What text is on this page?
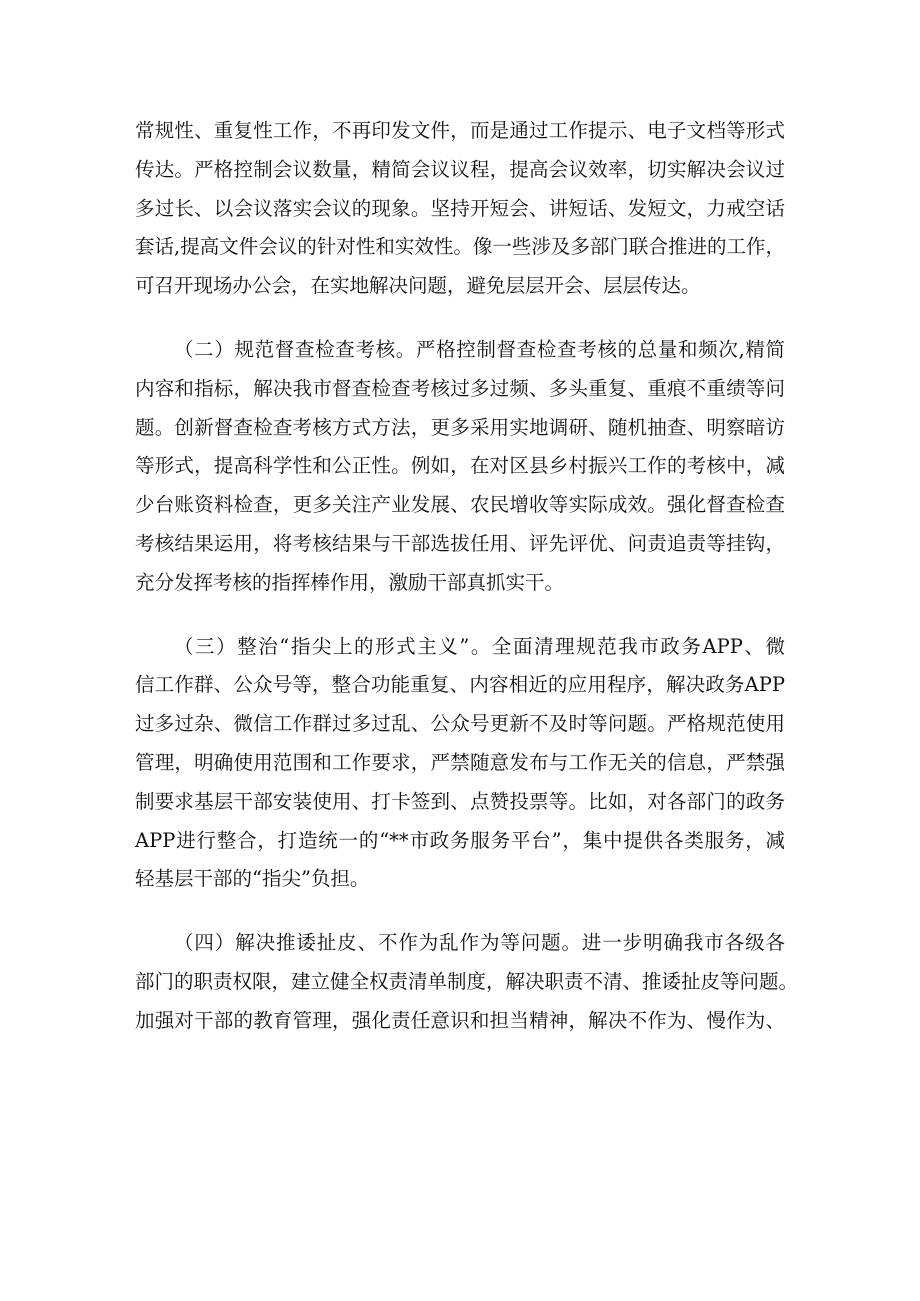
常规性、重复性工作，不再印发文件，而是通过工作提示、电子文档等形式
传达。严格控制会议数量，精简会议议程，提高会议效率，切实解决会议过
多过长、以会议落实会议的现象。坚持开短会、讲短话、发短文，力戒空话
套话,提高文件会议的针对性和实效性。像一些涉及多部门联合推进的工作，
可召开现场办公会，在实地解决问题，避免层层开会、层层传达。

（二）规范督查检查考核。严格控制督查检查考核的总量和频次,精简
内容和指标，解决我市督查检查考核过多过频、多头重复、重痕不重绩等问
题。创新督查检查考核方式方法，更多采用实地调研、随机抽查、明察暗访
等形式，提高科学性和公正性。例如，在对区县乡村振兴工作的考核中，减
少台账资料检查，更多关注产业发展、农民增收等实际成效。强化督查检查
考核结果运用，将考核结果与干部选拔任用、评先评优、问责追责等挂钩，
充分发挥考核的指挥棒作用，激励干部真抓实干。

（三）整治“指尖上的形式主义”。全面清理规范我市政务APP、微
信工作群、公众号等，整合功能重复、内容相近的应用程序，解决政务APP
过多过杂、微信工作群过多过乱、公众号更新不及时等问题。严格规范使用
管理，明确使用范围和工作要求，严禁随意发布与工作无关的信息，严禁强
制要求基层干部安装使用、打卡签到、点赞投票等。比如，对各部门的政务
APP进行整合，打造统一的“**市政务服务平台”，集中提供各类服务，减
轻基层干部的“指尖”负担。

（四）解决推诿扯皮、不作为乱作为等问题。进一步明确我市各级各
部门的职责权限，建立健全权责清单制度，解决职责不清、推诿扯皮等问题。
加强对干部的教育管理，强化责任意识和担当精神，解决不作为、慢作为、
